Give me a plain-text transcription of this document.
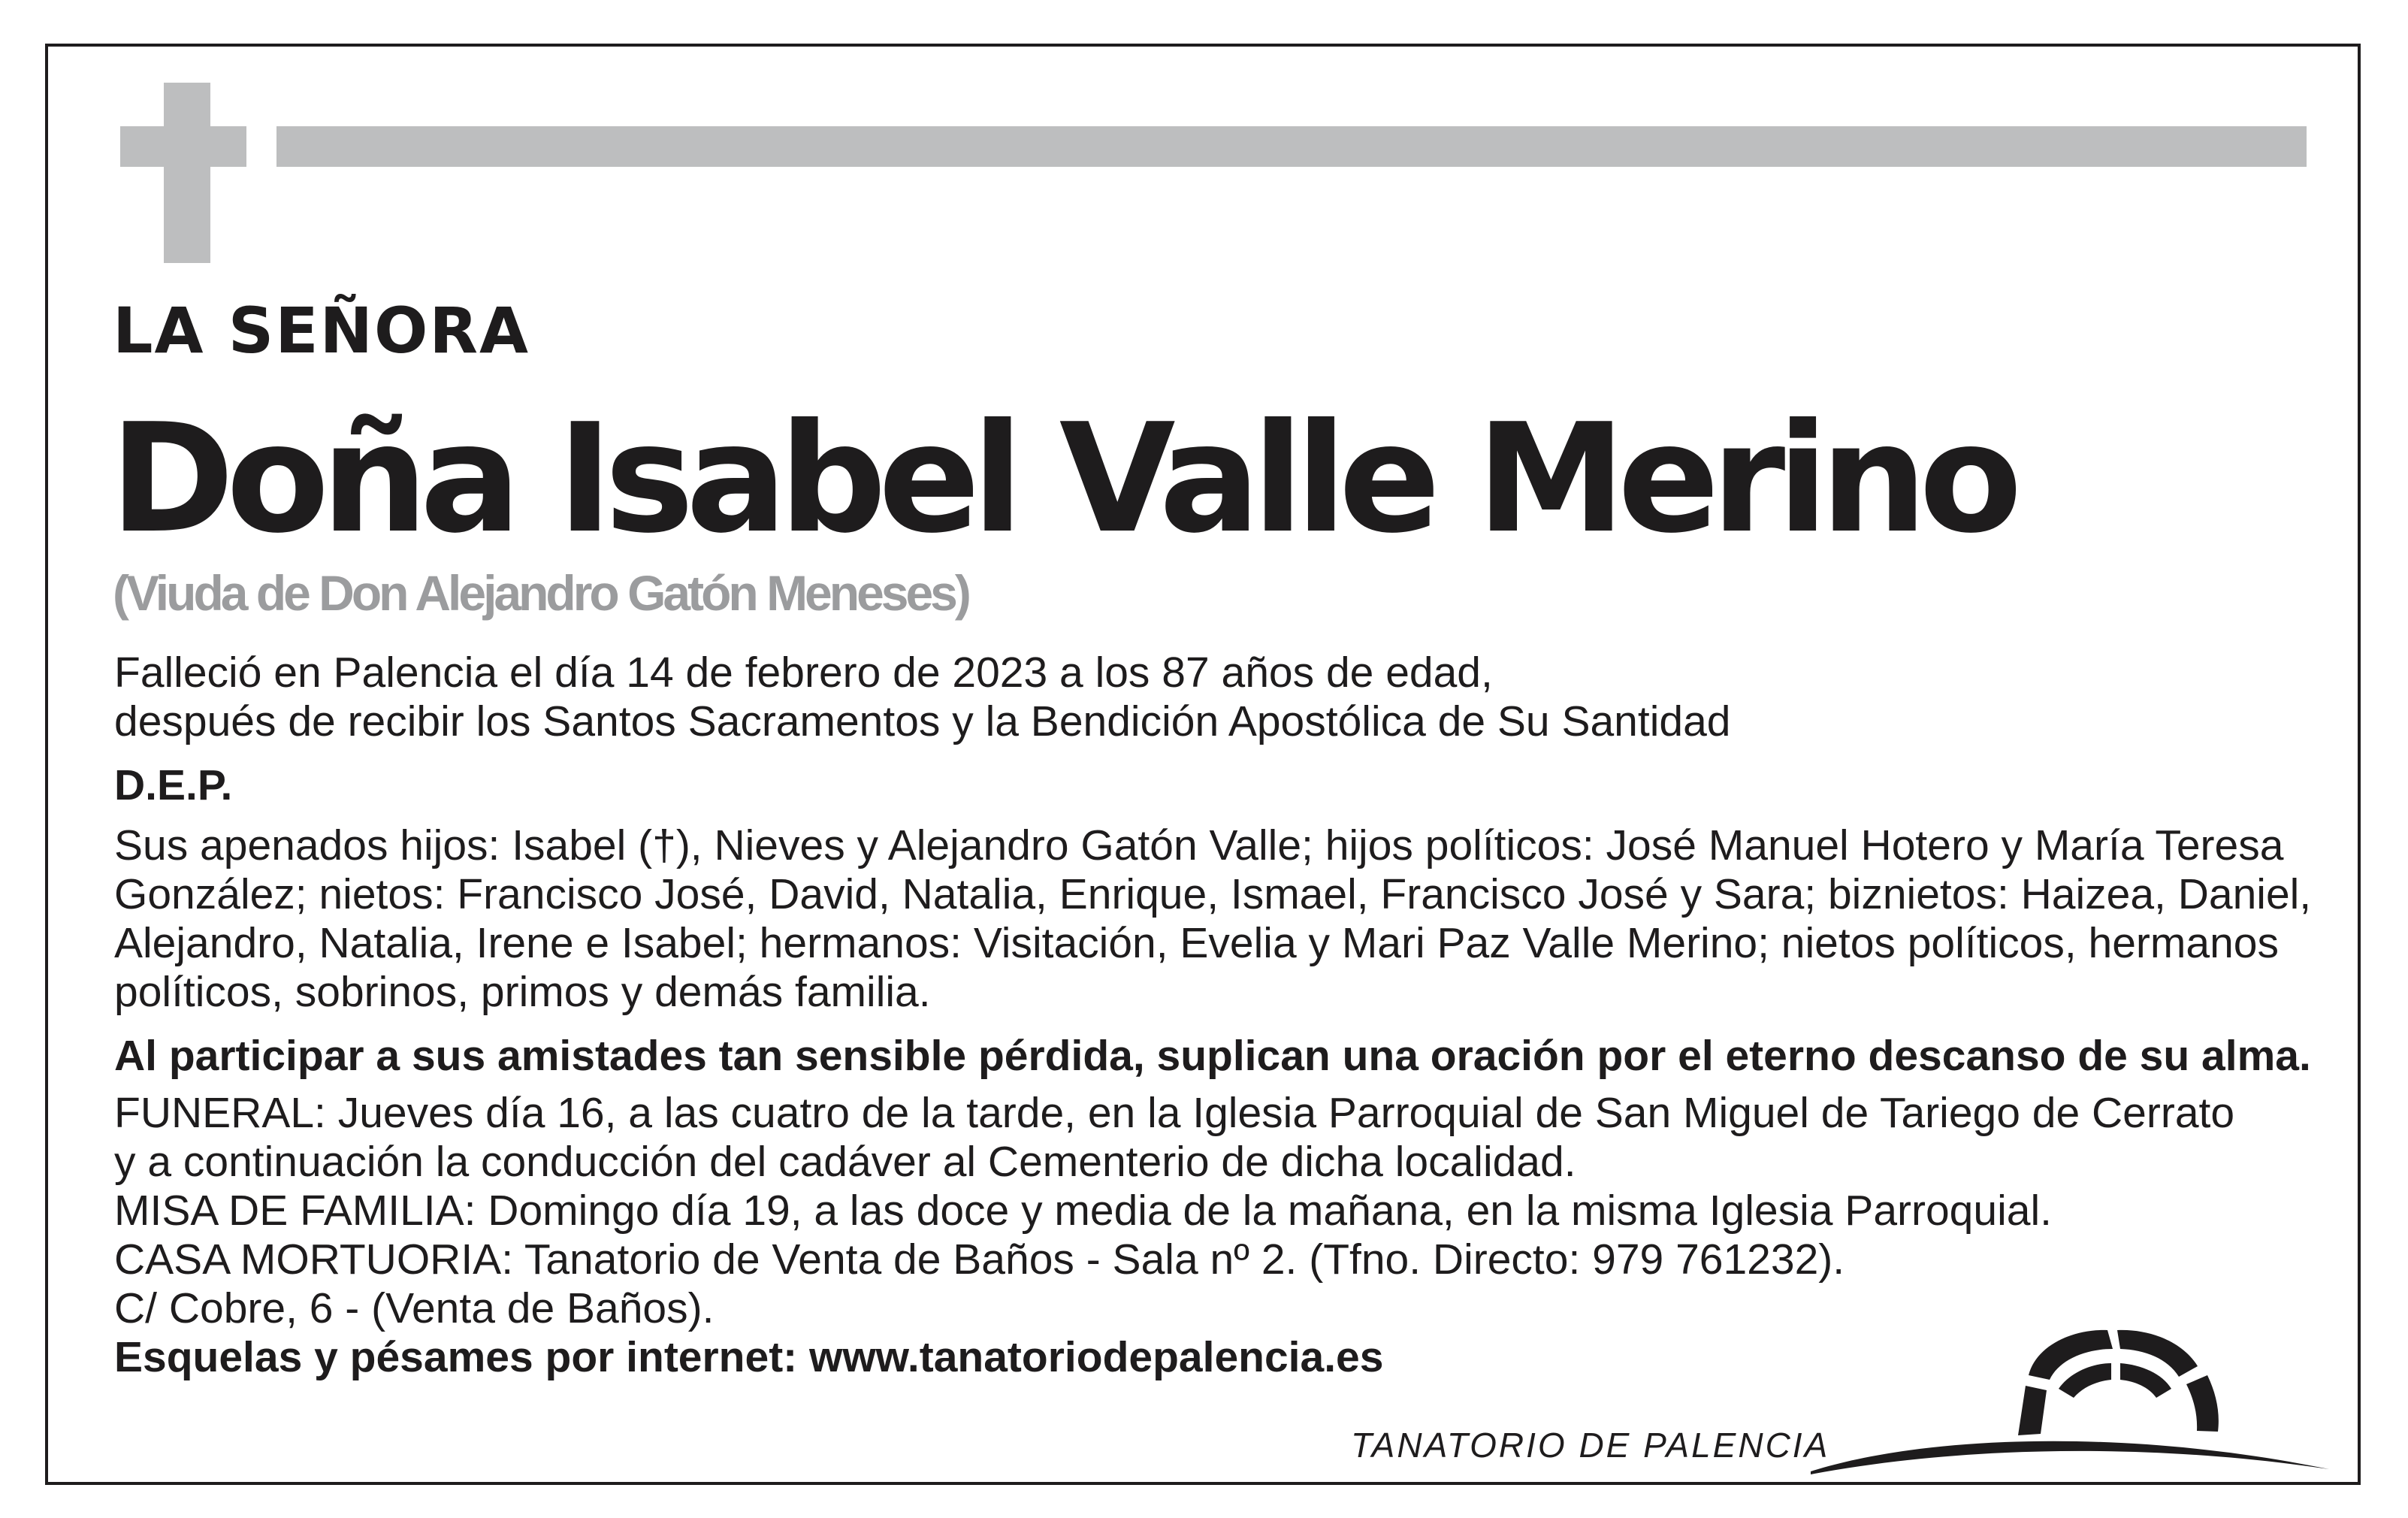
LA SEÑORA
Doña Isabel Valle Merino
(Viuda de Don Alejandro Gatón Meneses)
Falleció en Palencia el día 14 de febrero de 2023 a los 87 años de edad,
después de recibir los Santos Sacramentos y la Bendición Apostólica de Su Santidad
D.E.P.
Sus apenados hijos: Isabel (†), Nieves y Alejandro Gatón Valle; hijos políticos: José Manuel Hotero y María Teresa
González; nietos: Francisco José, David, Natalia, Enrique, Ismael, Francisco José y Sara; biznietos: Haizea, Daniel,
Alejandro, Natalia, Irene e Isabel; hermanos: Visitación, Evelia y Mari Paz Valle Merino; nietos políticos, hermanos
políticos, sobrinos, primos y demás familia.
Al participar a sus amistades tan sensible pérdida, suplican una oración por el eterno descanso de su alma.
FUNERAL: Jueves día 16, a las cuatro de la tarde, en la Iglesia Parroquial de San Miguel de Tariego de Cerrato
y a continuación la conducción del cadáver al Cementerio de dicha localidad.
MISA DE FAMILIA: Domingo día 19, a las doce y media de la mañana, en la misma Iglesia Parroquial.
CASA MORTUORIA: Tanatorio de Venta de Baños - Sala nº 2. (Tfno. Directo: 979 761232).
C/ Cobre, 6 - (Venta de Baños).
Esquelas y pésames por internet: www.tanatoriodepalencia.es
TANATORIO DE PALENCIA
